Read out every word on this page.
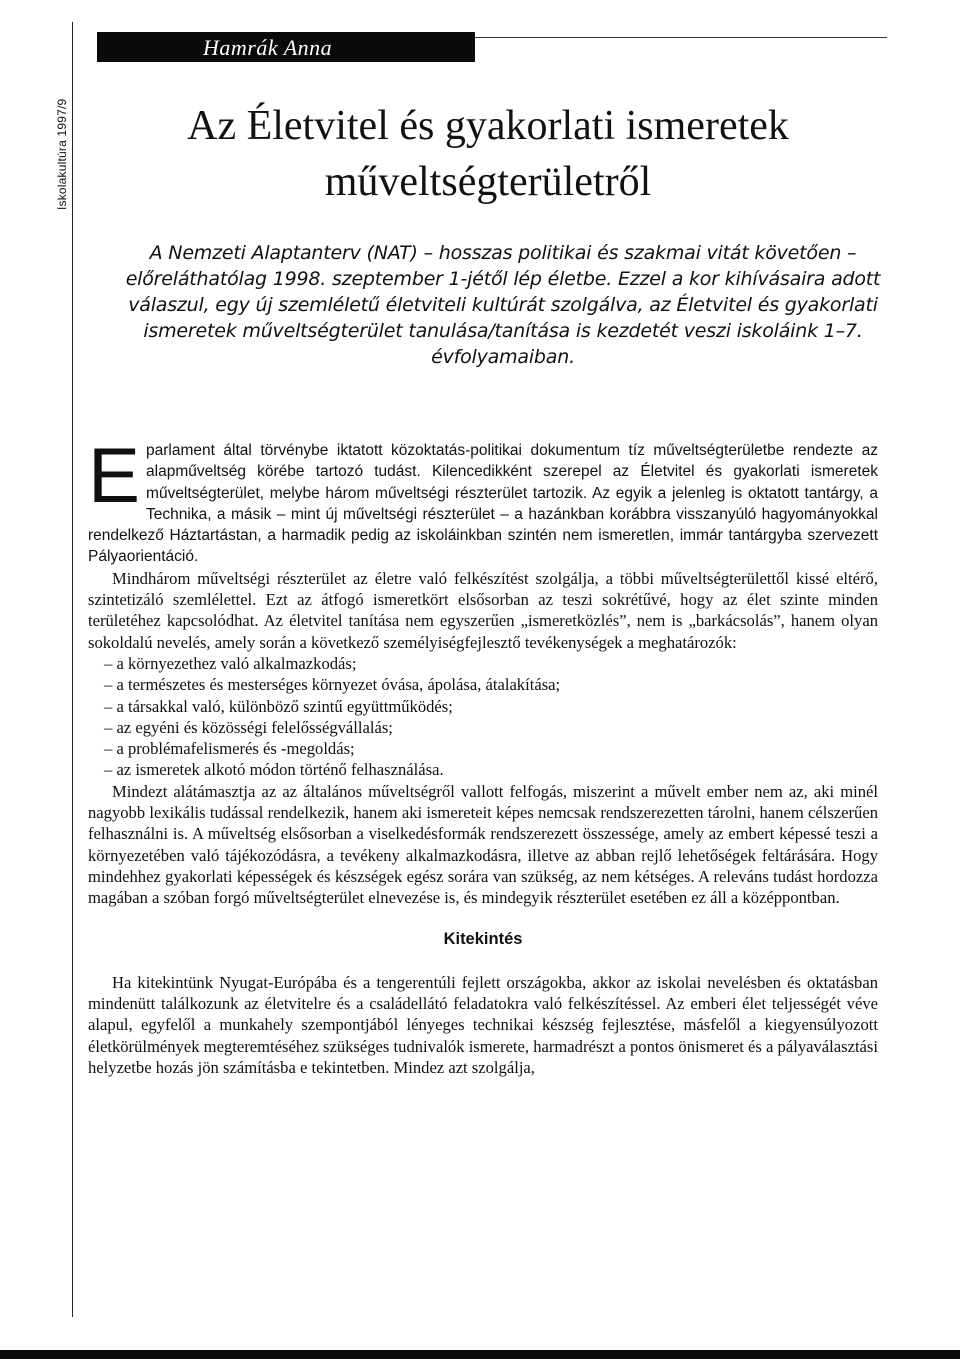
Iskolakultúra 1997/9
Hamrák Anna
Az Életvitel és gyakorlati ismeretek
műveltségterületről

A Nemzeti Alaptanterv (NAT) – hosszas politikai és szakmai vitát követően – előreláthatólag 1998. szeptember 1-jétől lép életbe. Ezzel a kor kihívásaira adott válaszul, egy új szemléletű életviteli kultúrát szolgálva, az Életvitel és gyakorlati ismeretek műveltségterület tanulása/tanítása is kezdetét veszi iskoláink 1–7. évfolyamaiban.

Eparlament által törvénybe iktatott közoktatás-politikai dokumentum tíz műveltségterületbe rendezte az alapműveltség körébe tartozó tudást. Kilencedikként szerepel az Életvitel és gyakorlati ismeretek műveltségterület, melybe három műveltségi részterület tartozik. Az egyik a jelenleg is oktatott tantárgy, a Technika, a másik – mint új műveltségi részterület – a hazánkban korábbra visszanyúló hagyományokkal rendelkező Háztartástan, a harmadik pedig az iskoláinkban szintén nem ismeretlen, immár tantárgyba szervezett Pályaorientáció.

Mindhárom műveltségi részterület az életre való felkészítést szolgálja, a többi műveltségterülettől kissé eltérő, szintetizáló szemlélettel. Ezt az átfogó ismeretkört elsősorban az teszi sokrétűvé, hogy az élet szinte minden területéhez kapcsolódhat. Az életvitel tanítása nem egyszerűen „ismeretközlés”, nem is „barkácsolás”, hanem olyan sokoldalú nevelés, amely során a következő személyiségfejlesztő tevékenységek a meghatározók:

– a környezethez való alkalmazkodás;
– a természetes és mesterséges környezet óvása, ápolása, átalakítása;
– a társakkal való, különböző szintű együttműködés;
– az egyéni és közösségi felelősségvállalás;
– a problémafelismerés és -megoldás;
– az ismeretek alkotó módon történő felhasználása.

Mindezt alátámasztja az az általános műveltségről vallott felfogás, miszerint a művelt ember nem az, aki minél nagyobb lexikális tudással rendelkezik, hanem aki ismereteit képes nemcsak rendszerezetten tárolni, hanem célszerűen felhasználni is. A műveltség elsősorban a viselkedésformák rendszerezett összessége, amely az embert képessé teszi a környezetében való tájékozódásra, a tevékeny alkalmazkodásra, illetve az abban rejlő lehetőségek feltárására. Hogy mindehhez gyakorlati képességek és készségek egész sorára van szükség, az nem kétséges. A releváns tudást hordozza magában a szóban forgó műveltségterület elnevezése is, és mindegyik részterület esetében ez áll a középpontban.

Kitekintés

Ha kitekintünk Nyugat-Európába és a tengerentúli fejlett országokba, akkor az iskolai nevelésben és oktatásban mindenütt találkozunk az életvitelre és a családellátó feladatokra való felkészítéssel. Az emberi élet teljességét véve alapul, egyfelől a munkahely szempontjából lényeges technikai készség fejlesztése, másfelől a kiegyensúlyozott életkörülmények megteremtéséhez szükséges tudnivalók ismerete, harmadrészt a pontos önismeret és a pályaválasztási helyzetbe hozás jön számításba e tekintetben. Mindez azt szolgálja,
